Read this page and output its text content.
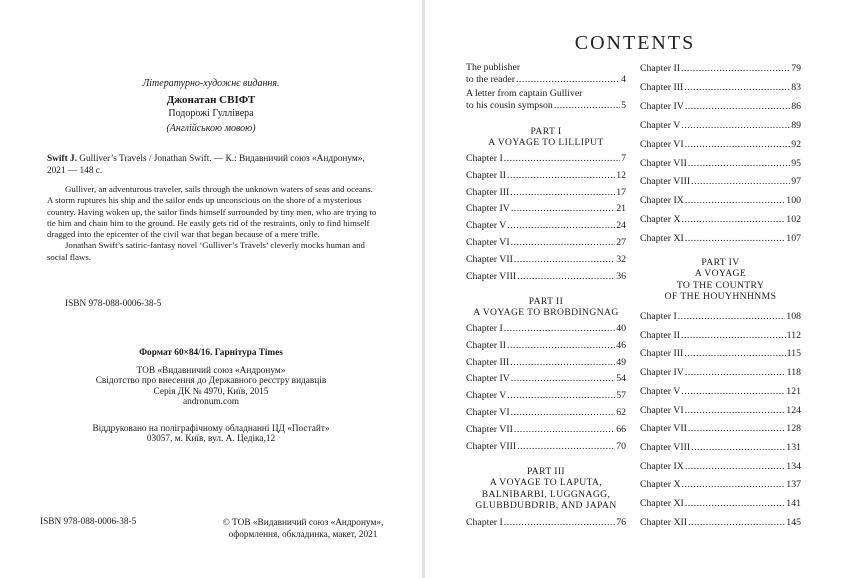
Літературно-художнє видання.
Джонатан СВІФТ
Подорожі Гуллівера
(Англійською мовою)
Swift J. Gulliver’s Travels / Jonathan Swift. — К.: Видавничий союз «Андронум», 2021 — 148 с.

Gulliver, an adventurous traveler, sails through the unknown waters of seas and oceans. A storm ruptures his ship and the sailor ends up unconscious on the shore of a mysterious country. Having woken up, the sailor finds himself surrounded by tiny men, who are trying to tie him and chain him to the ground. He easily gets rid of the restraints, only to find himself dragged into the epicenter of the civil war that began because of a mere trifle.

Jonathan Swift’s satiric-fantasy novel ‘Gulliver’s Travels’ cleverly mocks human and social flaws.

ISBN 978-088-0006-38-5
Формат 60×84/16. Гарнітура Times
ТОВ «Видавничий союз «Андронум»
Свідотство про внесення до Державного реєстру видавців
Серія ДК № 4970, Київ, 2015
andronum.com
Віддруковано на поліграфічному обладнанні ЦД «Постайт»
03057, м. Київ, вул. А. Цедіка,12
ISBN 978-088-0006-38-5	© ТОВ «Видавничий союз «Андронум»,
оформлення, обкладинка, макет, 2021
CONTENTS
The publisher
to the reader .....	4
A letter from captain Gulliver
to his cousin sympson .....	5
PART I
A VOYAGE TO LILLIPUT
Chapter I .....	7
Chapter II .....	12
Chapter III .....	17
Chapter IV .....	21
Chapter V .....	24
Chapter VI .....	27
Chapter VII .....	32
Chapter VIII .....	36
PART II
A VOYAGE TO BROBDINGNAG
Chapter I .....	40
Chapter II .....	46
Chapter III .....	49
Chapter IV .....	54
Chapter V .....	57
Chapter VI .....	62
Chapter VII .....	66
Chapter VIII .....	70
PART III
A VOYAGE TO LAPUTA,
BALNIBARBI, LUGGNAGG,
GLUBBDUBDRIB, AND JAPAN
Chapter I .....	76
Chapter II .....	79
Chapter III .....	83
Chapter IV .....	86
Chapter V .....	89
Chapter VI .....	92
Chapter VII .....	95
Chapter VIII .....	97
Chapter IX .....	100
Chapter X .....	102
Chapter XI .....	107
PART IV
A VOYAGE
TO THE COUNTRY
OF THE HOUYHNHNMS
Chapter I .....	108
Chapter II .....	112
Chapter III .....	115
Chapter IV .....	118
Chapter V .....	121
Chapter VI .....	124
Chapter VII .....	128
Chapter VIII .....	131
Chapter IX .....	134
Chapter X .....	137
Chapter XI .....	141
Chapter XII .....	145
